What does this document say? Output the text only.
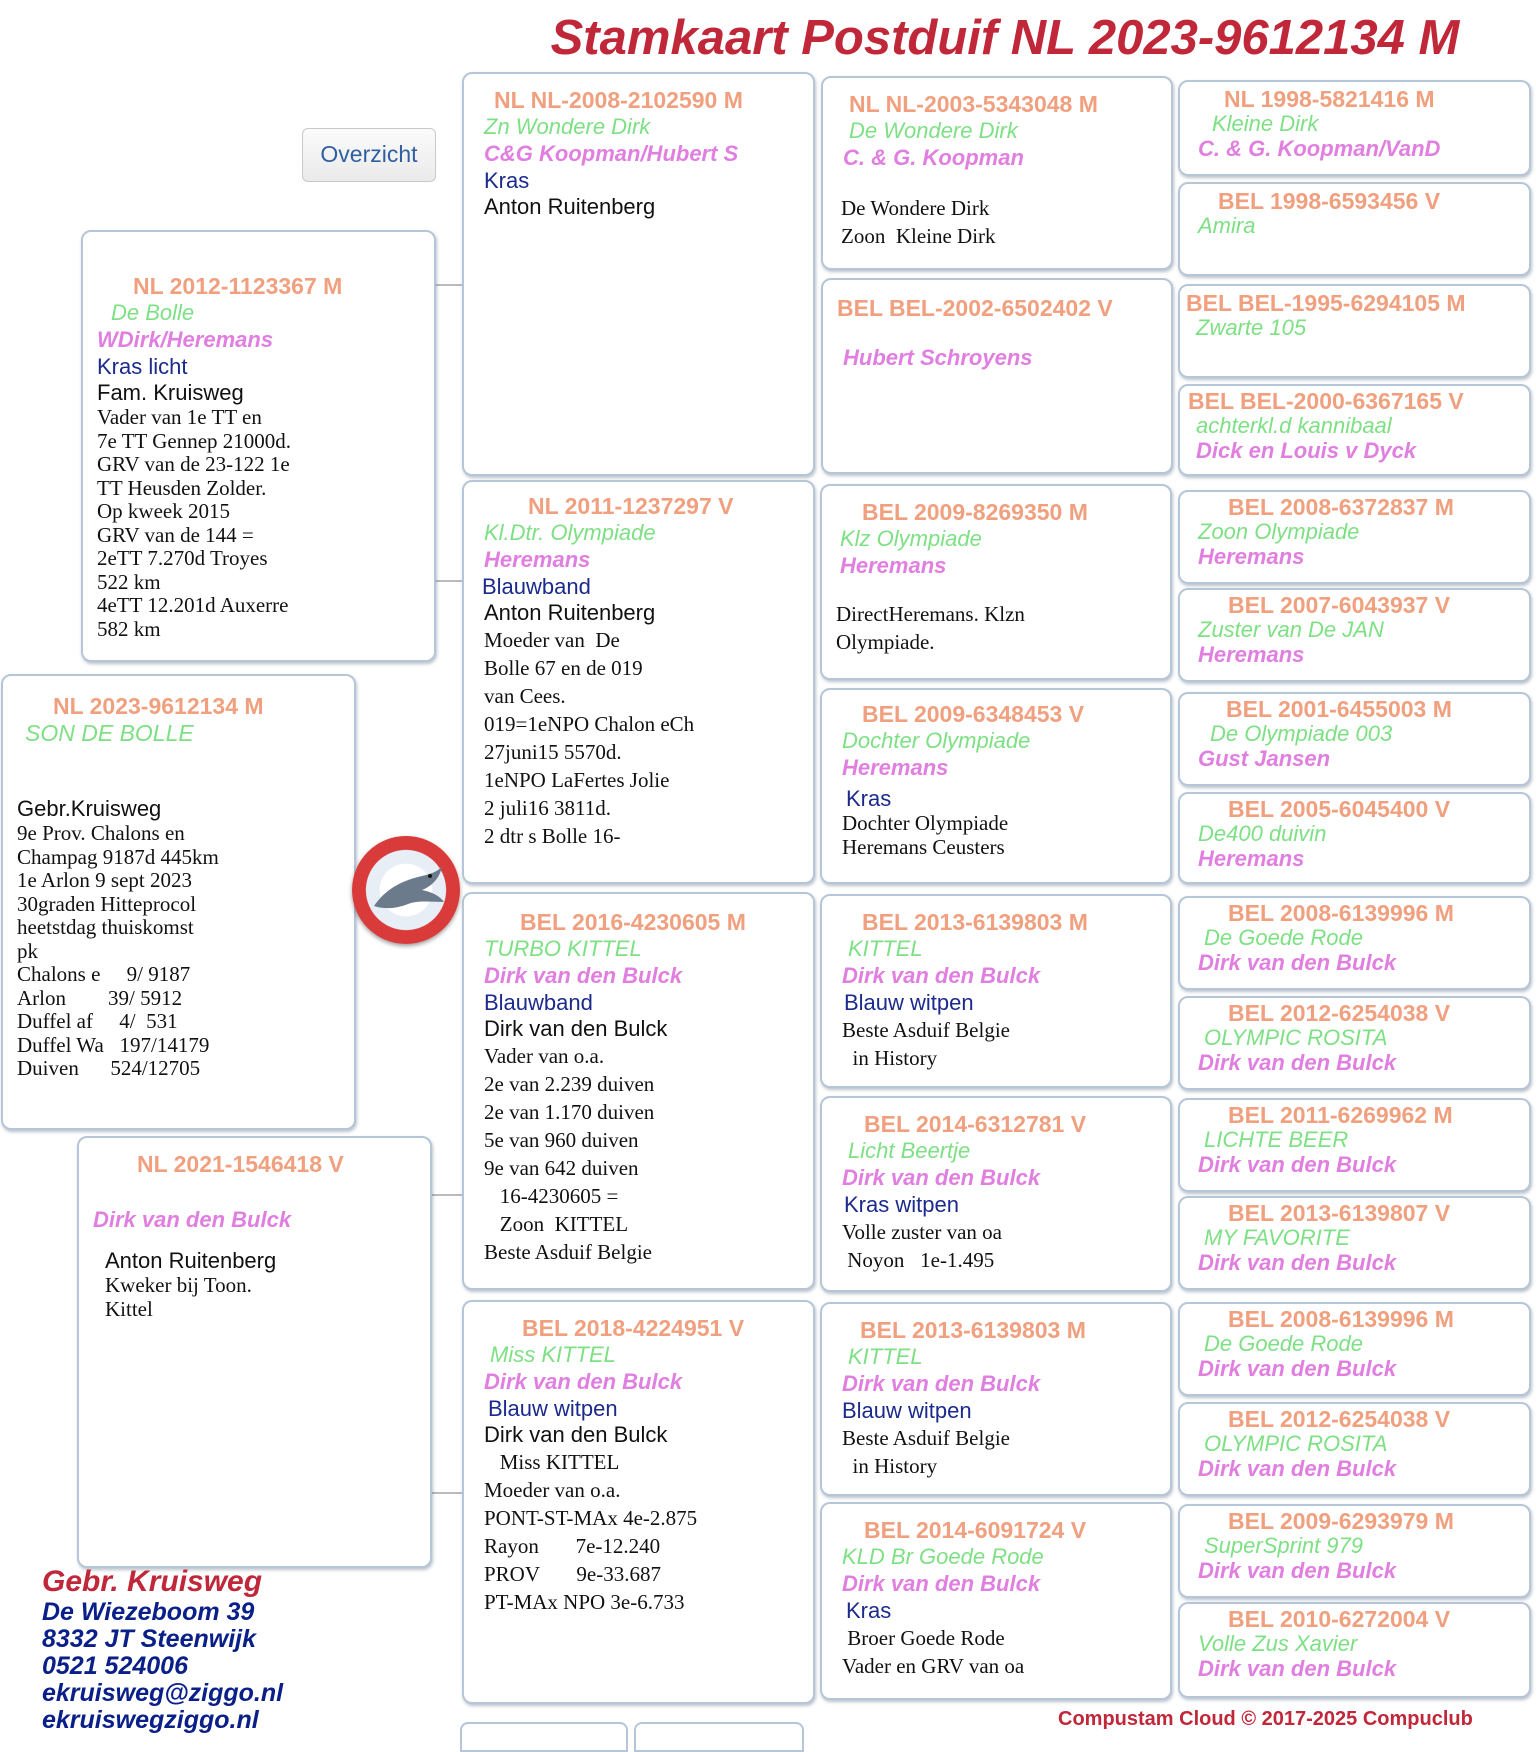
Stamkaart Postduif NL 2023-9612134 M
Overzicht
NL 2012-1123367 M
De Bolle
WDirk/Heremans
Kras licht
Fam. Kruisweg
Vader van 1e TT en
7e TT Gennep 21000d.
GRV van de 23-122 1e
TT Heusden Zolder.
Op kweek 2015
GRV van de 144 =
2eTT 7.270d Troyes
522 km
4eTT 12.201d Auxerre
582 km
NL 2021-1546418 V
Dirk van den Bulck
Anton Ruitenberg
Kweker bij Toon.
Kittel
NL 2023-9612134 M
SON DE BOLLE
Gebr.Kruisweg
9e Prov. Chalons en
Champag 9187d 445km
1e Arlon 9 sept 2023
30graden Hitteprocol
heetstdag thuiskomst
pk
Chalons e     9/ 9187
Arlon        39/ 5912
Duffel af     4/  531
Duffel Wa   197/14179
Duiven      524/12705
NL NL-2008-2102590 M
Zn Wondere Dirk
C&G Koopman/Hubert S
Kras
Anton Ruitenberg
NL 2011-1237297 V
Kl.Dtr. Olympiade
Heremans
Blauwband
Anton Ruitenberg
Moeder van  De
Bolle 67 en de 019
van Cees.
019=1eNPO Chalon eCh
27juni15 5570d.
1eNPO LaFertes Jolie
2 juli16 3811d.
2 dtr s Bolle 16-
BEL 2016-4230605 M
TURBO KITTEL
Dirk van den Bulck
Blauwband
Dirk van den Bulck
Vader van o.a.
2e van 2.239 duiven
2e van 1.170 duiven
5e van 960 duiven
9e van 642 duiven
16-4230605 =
Zoon  KITTEL
Beste Asduif Belgie
BEL 2018-4224951 V
Miss KITTEL
Dirk van den Bulck
Blauw witpen
Dirk van den Bulck
Miss KITTEL
Moeder van o.a.
PONT-ST-MAx 4e-2.875
Rayon       7e-12.240
PROV       9e-33.687
PT-MAx NPO 3e-6.733
NL NL-2003-5343048 M
De Wondere Dirk
C. & G. Koopman
De Wondere Dirk
Zoon  Kleine Dirk
BEL BEL-2002-6502402 V
Hubert Schroyens
BEL 2009-8269350 M
Klz Olympiade
Heremans
DirectHeremans. Klzn
Olympiade.
BEL 2009-6348453 V
Dochter Olympiade
Heremans
Kras
Dochter Olympiade
Heremans Ceusters
BEL 2013-6139803 M
KITTEL
Dirk van den Bulck
Blauw witpen
Beste Asduif Belgie
in History
BEL 2014-6312781 V
Licht Beertje
Dirk van den Bulck
Kras witpen
Volle zuster van oa
Noyon   1e-1.495
BEL 2013-6139803 M
KITTEL
Dirk van den Bulck
Blauw witpen
Beste Asduif Belgie
in History
BEL 2014-6091724 V
KLD Br Goede Rode
Dirk van den Bulck
Kras
Broer Goede Rode
Vader en GRV van oa
NL 1998-5821416 M
Kleine Dirk
C. & G. Koopman/VanD
BEL 1998-6593456 V
Amira
BEL BEL-1995-6294105 M
Zwarte 105
BEL BEL-2000-6367165 V
achterkl.d kannibaal
Dick en Louis v Dyck
BEL 2008-6372837 M
Zoon Olympiade
Heremans
BEL 2007-6043937 V
Zuster van De JAN
Heremans
BEL 2001-6455003 M
De Olympiade 003
Gust Jansen
BEL 2005-6045400 V
De400 duivin
Heremans
BEL 2008-6139996 M
De Goede Rode
Dirk van den Bulck
BEL 2012-6254038 V
OLYMPIC ROSITA
Dirk van den Bulck
BEL 2011-6269962 M
LICHTE BEER
Dirk van den Bulck
BEL 2013-6139807 V
MY FAVORITE
Dirk van den Bulck
BEL 2008-6139996 M
De Goede Rode
Dirk van den Bulck
BEL 2012-6254038 V
OLYMPIC ROSITA
Dirk van den Bulck
BEL 2009-6293979 M
SuperSprint 979
Dirk van den Bulck
BEL 2010-6272004 V
Volle Zus Xavier
Dirk van den Bulck
Gebr. Kruisweg
De Wiezeboom 39
8332 JT Steenwijk
0521 524006
ekruisweg@ziggo.nl
ekruiswegziggo.nl	Compustam Cloud © 2017-2025 Compuclub
